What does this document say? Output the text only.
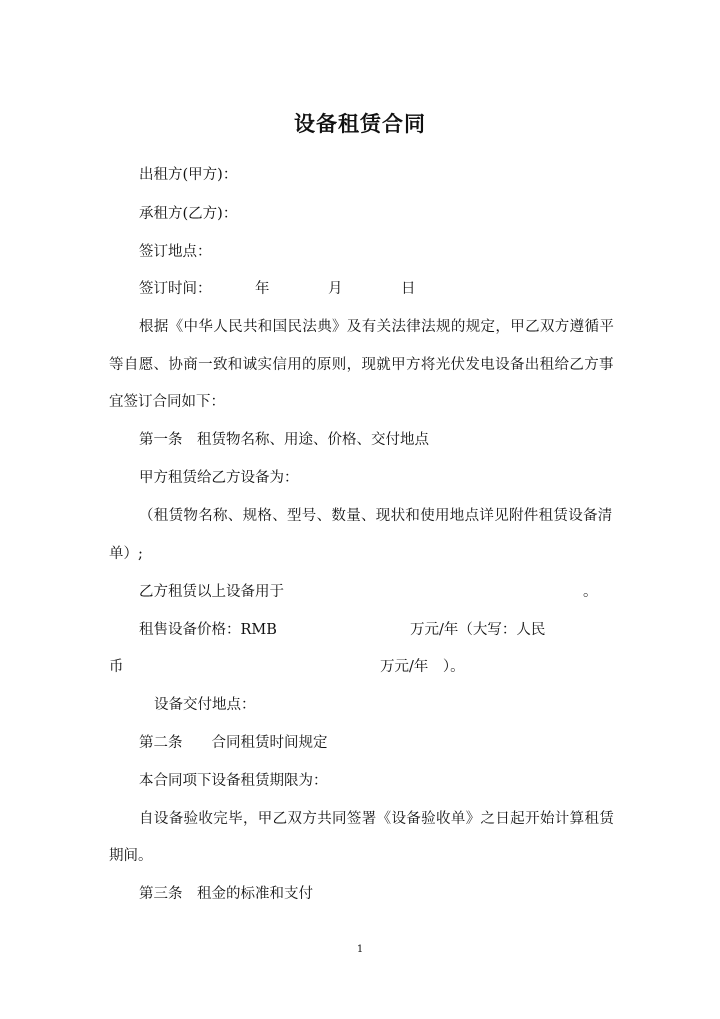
设备租赁合同
出租方(甲方)：
承租方(乙方)：
签订地点：
签订时间：	年	月	日
根据《中华人民共和国民法典》及有关法律法规的规定，甲乙双方遵循平
等自愿、协商一致和诚实信用的原则，现就甲方将光伏发电设备出租给乙方事
宜签订合同如下：
第一条　租赁物名称、用途、价格、交付地点
甲方租赁给乙方设备为：
（租赁物名称、规格、型号、数量、现状和使用地点详见附件租赁设备清
单）;
乙方租赁以上设备用于	。
租售设备价格：RMB	万元/年（大写：人民
币	万元/年　）。
设备交付地点：
第二条　　合同租赁时间规定
本合同项下设备租赁期限为：
自设备验收完毕，甲乙双方共同签署《设备验收单》之日起开始计算租赁
期间。
第三条　租金的标准和支付
1
